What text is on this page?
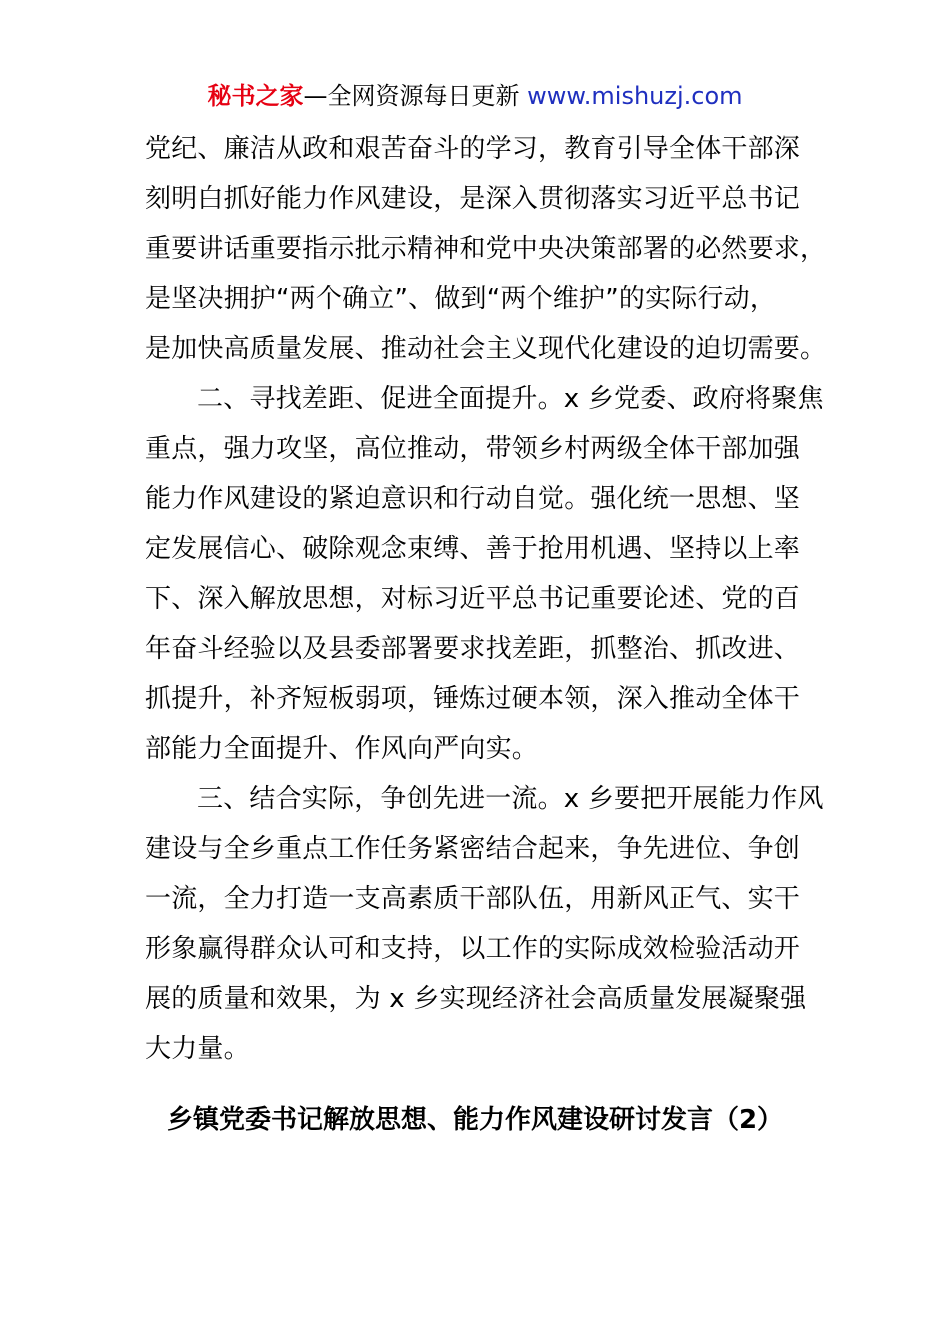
秘书之家—全网资源每日更新 www.mishuzj.com
党纪、廉洁从政和艰苦奋斗的学习，教育引导全体干部深
刻明白抓好能力作风建设，是深入贯彻落实习近平总书记
重要讲话重要指示批示精神和党中央决策部署的必然要求，
是坚决拥护“两个确立”、做到“两个维护”的实际行动，
是加快高质量发展、推动社会主义现代化建设的迫切需要。
二、寻找差距、促进全面提升。x 乡党委、政府将聚焦
重点，强力攻坚，高位推动，带领乡村两级全体干部加强
能力作风建设的紧迫意识和行动自觉。强化统一思想、坚
定发展信心、破除观念束缚、善于抢用机遇、坚持以上率
下、深入解放思想，对标习近平总书记重要论述、党的百
年奋斗经验以及县委部署要求找差距，抓整治、抓改进、
抓提升，补齐短板弱项，锤炼过硬本领，深入推动全体干
部能力全面提升、作风向严向实。
三、结合实际，争创先进一流。x 乡要把开展能力作风
建设与全乡重点工作任务紧密结合起来，争先进位、争创
一流，全力打造一支高素质干部队伍，用新风正气、实干
形象赢得群众认可和支持，以工作的实际成效检验活动开
展的质量和效果，为 x 乡实现经济社会高质量发展凝聚强
大力量。
乡镇党委书记解放思想、能力作风建设研讨发言（2）
